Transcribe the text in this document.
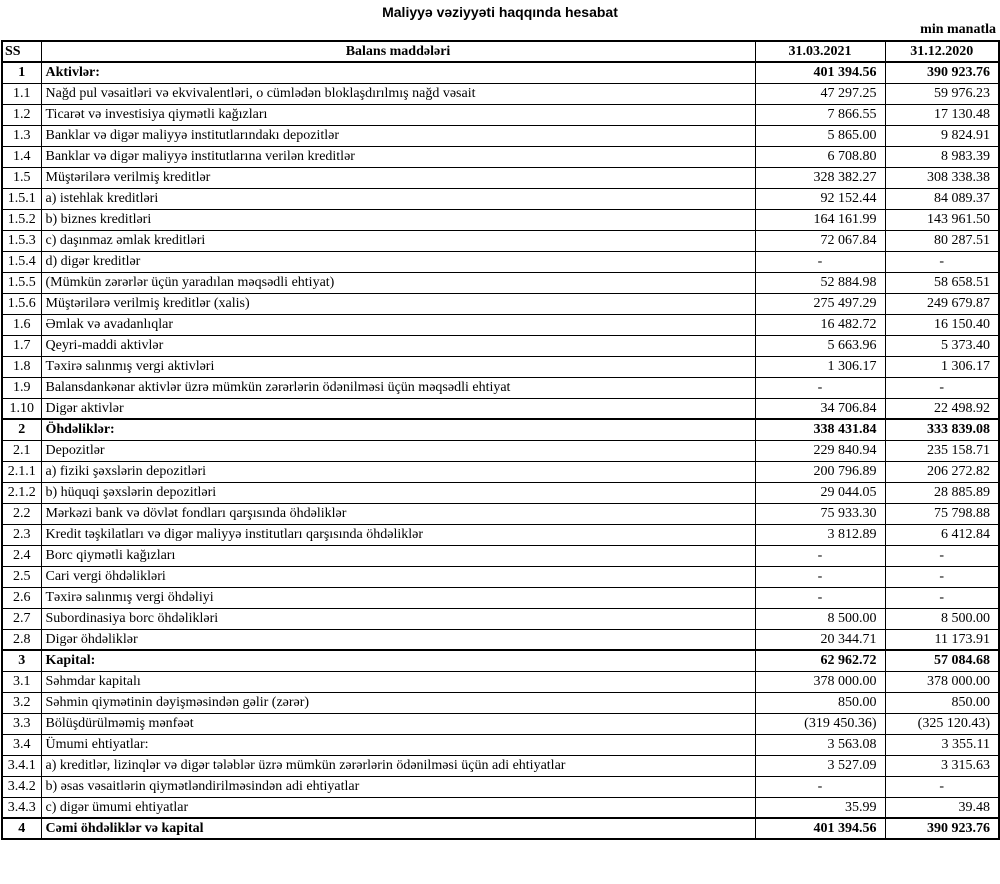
Maliyyə vəziyyəti haqqında hesabat
min manatla
SS	Balans maddələri	31.03.2021	31.12.2020
1	Aktivlər:	401 394.56	390 923.76
1.1	Nağd pul vəsaitləri və ekvivalentləri, o cümlədən bloklaşdırılmış nağd vəsait	47 297.25	59 976.23
1.2	Ticarət və investisiya qiymətli kağızları	7 866.55	17 130.48
1.3	Banklar və digər maliyyə institutlarındakı depozitlər	5 865.00	9 824.91
1.4	Banklar və digər maliyyə institutlarına verilən kreditlər	6 708.80	8 983.39
1.5	Müştərilərə verilmiş kreditlər	328 382.27	308 338.38
1.5.1	a) istehlak kreditləri	92 152.44	84 089.37
1.5.2	b) biznes kreditləri	164 161.99	143 961.50
1.5.3	c) daşınmaz əmlak kreditləri	72 067.84	80 287.51
1.5.4	d) digər kreditlər	-	-
1.5.5	(Mümkün zərərlər üçün yaradılan məqsədli ehtiyat)	52 884.98	58 658.51
1.5.6	Müştərilərə verilmiş kreditlər (xalis)	275 497.29	249 679.87
1.6	Əmlak və avadanlıqlar	16 482.72	16 150.40
1.7	Qeyri-maddi aktivlər	5 663.96	5 373.40
1.8	Təxirə salınmış vergi aktivləri	1 306.17	1 306.17
1.9	Balansdankənar aktivlər üzrə mümkün zərərlərin ödənilməsi üçün məqsədli ehtiyat	-	-
1.10	Digər aktivlər	34 706.84	22 498.92
2	Öhdəliklər:	338 431.84	333 839.08
2.1	Depozitlər	229 840.94	235 158.71
2.1.1	a) fiziki şəxslərin depozitləri	200 796.89	206 272.82
2.1.2	b) hüquqi şəxslərin depozitləri	29 044.05	28 885.89
2.2	Mərkəzi bank və dövlət fondları qarşısında öhdəliklər	75 933.30	75 798.88
2.3	Kredit təşkilatları və digər maliyyə institutları qarşısında öhdəliklər	3 812.89	6 412.84
2.4	Borc qiymətli kağızları	-	-
2.5	Cari vergi öhdəlikləri	-	-
2.6	Təxirə salınmış vergi öhdəliyi	-	-
2.7	Subordinasiya borc öhdəlikləri	8 500.00	8 500.00
2.8	Digər öhdəliklər	20 344.71	11 173.91
3	Kapital:	62 962.72	57 084.68
3.1	Səhmdar kapitalı	378 000.00	378 000.00
3.2	Səhmin qiymətinin dəyişməsindən gəlir (zərər)	850.00	850.00
3.3	Bölüşdürülməmiş mənfəət	(319 450.36)	(325 120.43)
3.4	Ümumi ehtiyatlar:	3 563.08	3 355.11
3.4.1	a) kreditlər, lizinqlər və digər tələblər üzrə mümkün zərərlərin ödənilməsi üçün adi ehtiyatlar	3 527.09	3 315.63
3.4.2	b) əsas vəsaitlərin qiymətləndirilməsindən adi ehtiyatlar	-	-
3.4.3	c) digər ümumi ehtiyatlar	35.99	39.48
4	Cəmi öhdəliklər və kapital	401 394.56	390 923.76
